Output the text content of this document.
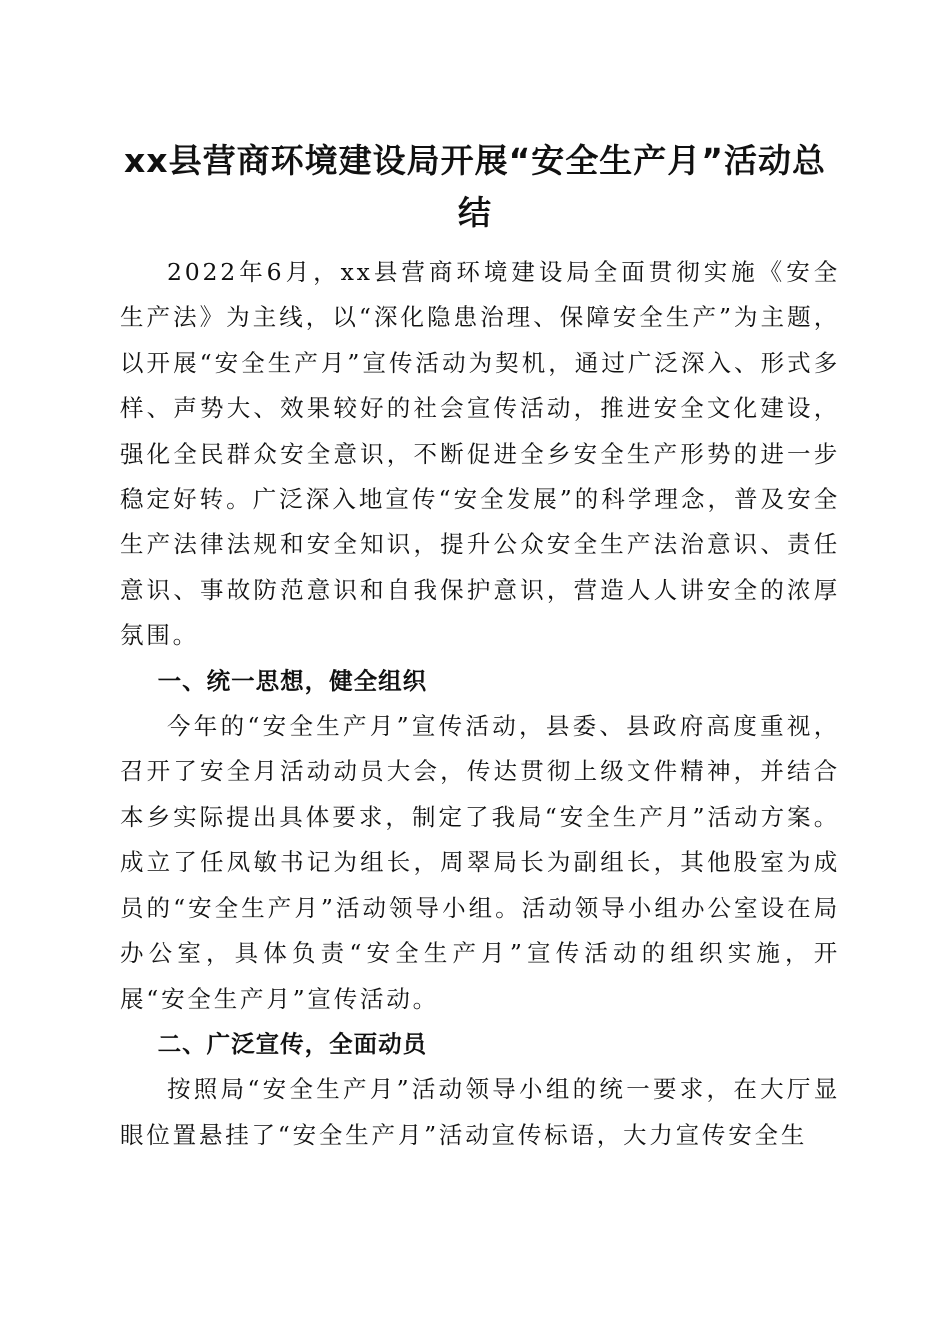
xx县营商环境建设局开展“安全生产月”活动总结

2022年6月，xx县营商环境建设局全面贯彻实施《安全生产法》为主线，以“深化隐患治理、保障安全生产”为主题，以开展“安全生产月”宣传活动为契机，通过广泛深入、形式多样、声势大、效果较好的社会宣传活动，推进安全文化建设，强化全民群众安全意识，不断促进全乡安全生产形势的进一步稳定好转。广泛深入地宣传“安全发展”的科学理念，普及安全生产法律法规和安全知识，提升公众安全生产法治意识、责任意识、事故防范意识和自我保护意识，营造人人讲安全的浓厚氛围。

一、统一思想，健全组织

今年的“安全生产月”宣传活动，县委、县政府高度重视，召开了安全月活动动员大会，传达贯彻上级文件精神，并结合本乡实际提出具体要求，制定了我局“安全生产月”活动方案。成立了任凤敏书记为组长，周翠局长为副组长，其他股室为成员的“安全生产月”活动领导小组。活动领导小组办公室设在局办公室，具体负责“安全生产月”宣传活动的组织实施，开展“安全生产月”宣传活动。

二、广泛宣传，全面动员

按照局“安全生产月”活动领导小组的统一要求，在大厅显眼位置悬挂了“安全生产月”活动宣传标语，大力宣传安全生
